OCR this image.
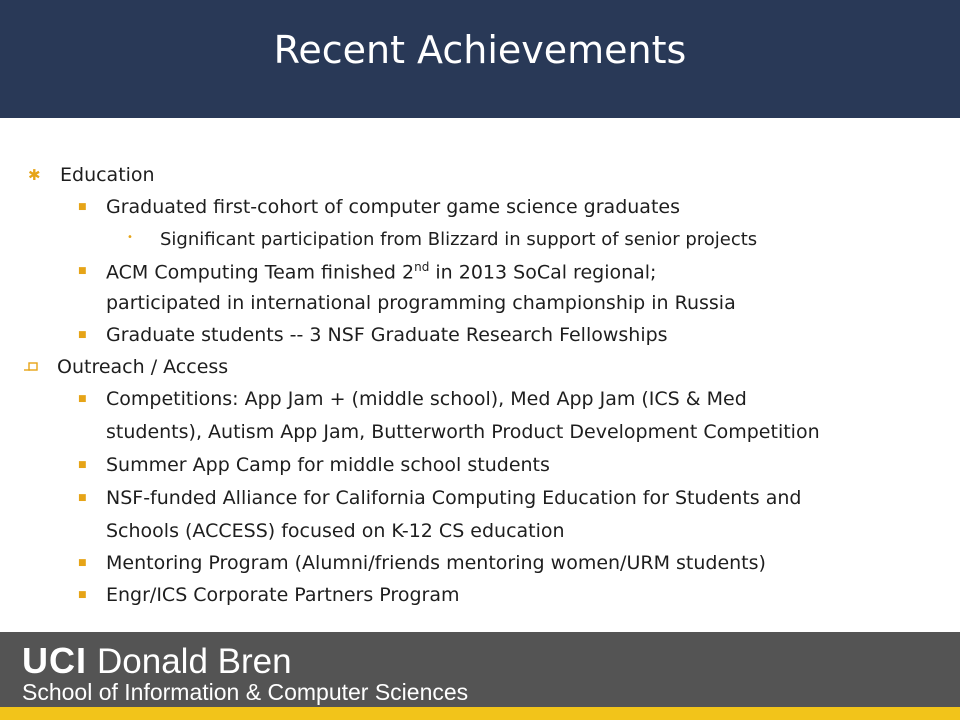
Recent Achievements
✱ Education
■ Graduated first-cohort of computer game science graduates
• Significant participation from Blizzard in support of senior projects
■ ACM Computing Team finished 2nd in 2013 SoCal regional;
participated in international programming championship in Russia
■ Graduate students -- 3 NSF Graduate Research Fellowships
Outreach / Access
■ Competitions: App Jam + (middle school), Med App Jam (ICS & Med
students), Autism App Jam, Butterworth Product Development Competition
■ Summer App Camp for middle school students
■ NSF-funded Alliance for California Computing Education for Students and
Schools (ACCESS) focused on K-12 CS education
■ Mentoring Program (Alumni/friends mentoring women/URM students)
■ Engr/ICS Corporate Partners Program
UCI Donald Bren
School of Information & Computer Sciences
